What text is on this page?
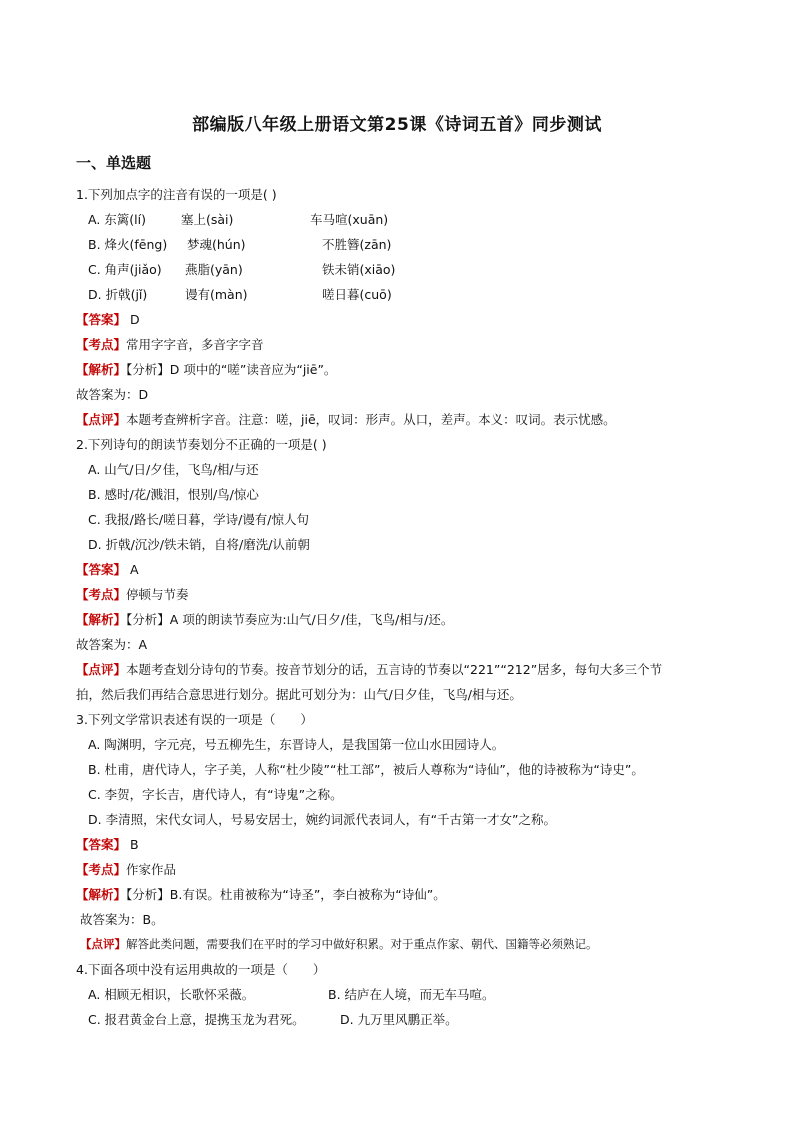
部编版八年级上册语文第25课《诗词五首》同步测试
一、单选题
1.下列加点字的注音有误的一项是( )
A. 东篱(lí)	塞上(sài)	车马喧(xuān)
B. 烽火(fēng) 梦魂(hún)	不胜簪(zān)
C. 角声(jiǎo) 燕脂(yān)	铁未销(xiāo)
D. 折戟(jǐ)	谩有(màn)	嗟日暮(cuō)
【答案】 D
【考点】常用字字音，多音字字音
【解析】【分析】D 项中的“嗟”读音应为“jiē”。
故答案为：D
【点评】本题考查辨析字音。注意：嗟，jiē，叹词：形声。从口，差声。本义：叹词。表示忧感。
2.下列诗句的朗读节奏划分不正确的一项是( )
A. 山气/日/夕佳，飞鸟/相/与还
B. 感时/花/溅泪，恨别/鸟/惊心
C. 我报/路长/嗟日暮，学诗/谩有/惊人句
D. 折戟/沉沙/铁未销，自将/磨洗/认前朝
【答案】 A
【考点】停顿与节奏
【解析】【分析】A 项的朗读节奏应为:山气/日夕/佳，飞鸟/相与/还。
故答案为：A
【点评】本题考查划分诗句的节奏。按音节划分的话，五言诗的节奏以“221”“212”居多，每句大多三个节
拍，然后我们再结合意思进行划分。据此可划分为：山气/日夕佳，飞鸟/相与还。
3.下列文学常识表述有误的一项是（　　）
A. 陶渊明，字元亮，号五柳先生，东晋诗人，是我国第一位山水田园诗人。
B. 杜甫，唐代诗人，字子美，人称“杜少陵”“杜工部”，被后人尊称为“诗仙”，他的诗被称为“诗史”。
C. 李贺，字长吉，唐代诗人，有“诗鬼”之称。
D. 李清照，宋代女词人，号易安居士，婉约词派代表词人，有“千古第一才女”之称。
【答案】 B
【考点】作家作品
【解析】【分析】B.有误。杜甫被称为“诗圣”，李白被称为“诗仙”。
故答案为：B。
【点评】解答此类问题，需要我们在平时的学习中做好积累。对于重点作家、朝代、国籍等必须熟记。
4.下面各项中没有运用典故的一项是（　　）
A. 相顾无相识，长歌怀采薇。	B. 结庐在人境，而无车马喧。
C. 报君黄金台上意，提携玉龙为君死。	D. 九万里风鹏正举。
